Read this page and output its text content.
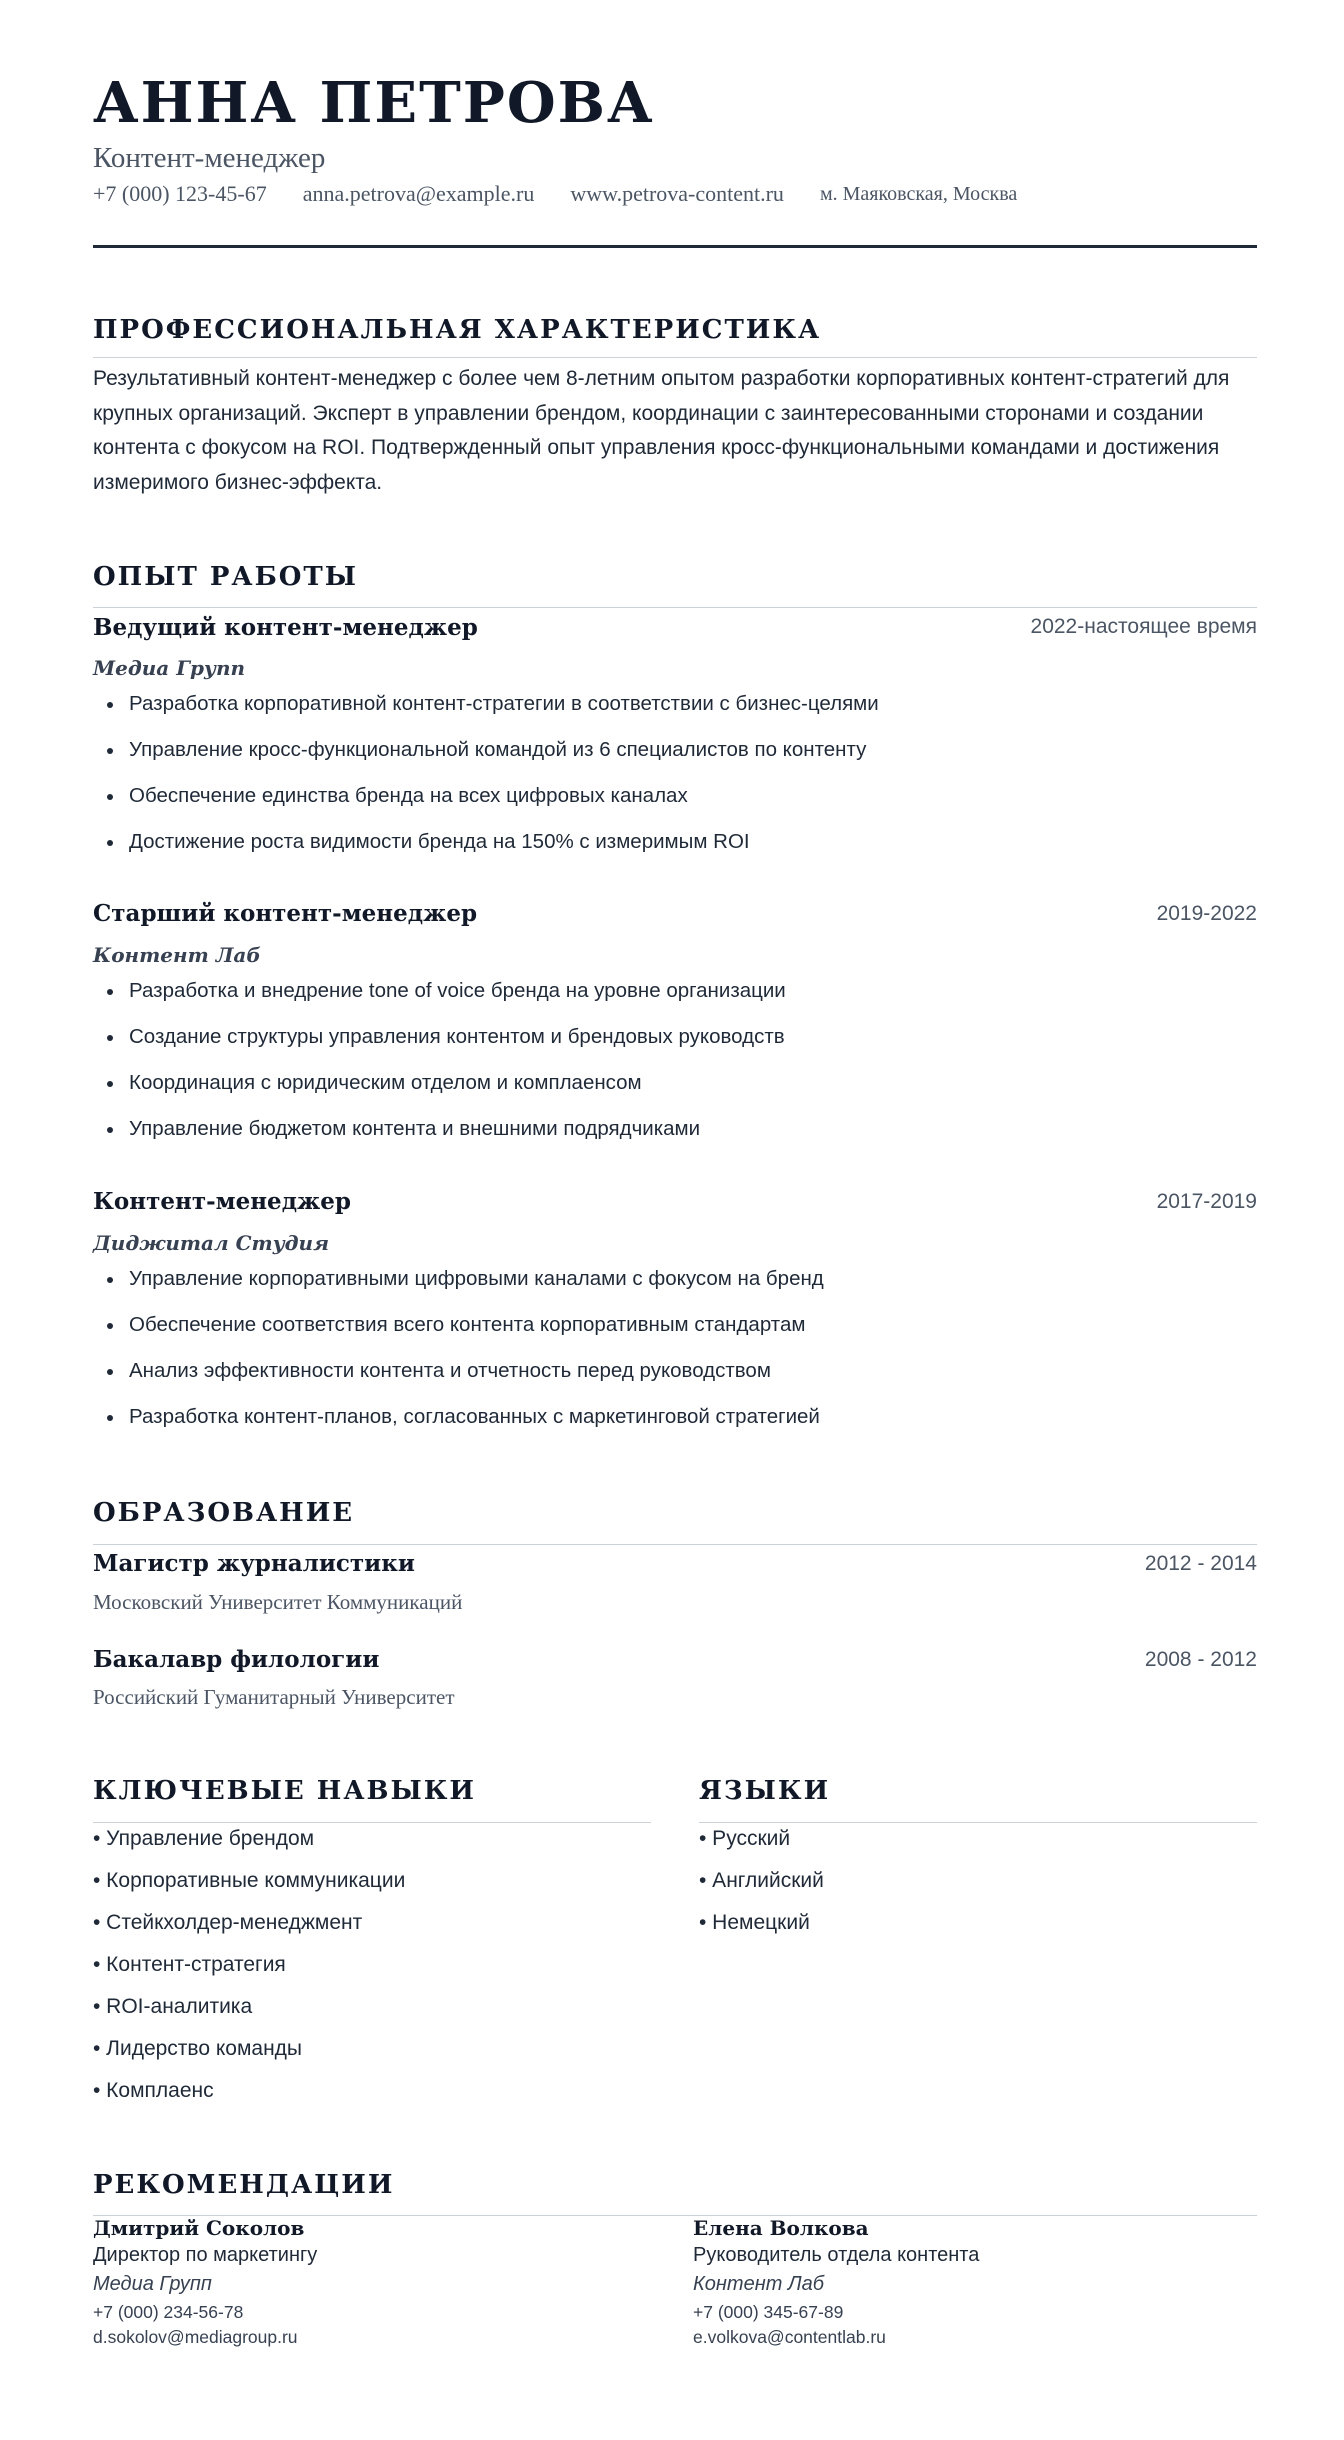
АННА ПЕТРОВА
Контент-менеджер
+7 (000) 123-45-67 anna.petrova@example.ru www.petrova-content.ru м. Маяковская, Москва
ПРОФЕССИОНАЛЬНАЯ ХАРАКТЕРИСТИКА
Результативный контент-менеджер с более чем 8-летним опытом разработки корпоративных контент-стратегий для крупных организаций. Эксперт в управлении брендом, координации с заинтересованными сторонами и создании контента с фокусом на ROI. Подтвержденный опыт управления кросс-функциональными командами и достижения измеримого бизнес-эффекта.
ОПЫТ РАБОТЫ
Ведущий контент-менеджер	2022-настоящее время
Медиа Групп
Разработка корпоративной контент-стратегии в соответствии с бизнес-целями
Управление кросс-функциональной командой из 6 специалистов по контенту
Обеспечение единства бренда на всех цифровых каналах
Достижение роста видимости бренда на 150% с измеримым ROI
Старший контент-менеджер	2019-2022
Контент Лаб
Разработка и внедрение tone of voice бренда на уровне организации
Создание структуры управления контентом и брендовых руководств
Координация с юридическим отделом и комплаенсом
Управление бюджетом контента и внешними подрядчиками
Контент-менеджер	2017-2019
Диджитал Студия
Управление корпоративными цифровыми каналами с фокусом на бренд
Обеспечение соответствия всего контента корпоративным стандартам
Анализ эффективности контента и отчетность перед руководством
Разработка контент-планов, согласованных с маркетинговой стратегией
ОБРАЗОВАНИЕ
Магистр журналистики	2012 - 2014
Московский Университет Коммуникаций
Бакалавр филологии	2008 - 2012
Российский Гуманитарный Университет
КЛЮЧЕВЫЕ НАВЫКИ
• Управление брендом
• Корпоративные коммуникации
• Стейкхолдер-менеджмент
• Контент-стратегия
• ROI-аналитика
• Лидерство команды
• Комплаенс
ЯЗЫКИ
• Русский
• Английский
• Немецкий
РЕКОМЕНДАЦИИ
Дмитрий Соколов
Директор по маркетингу
Медиа Групп
+7 (000) 234-56-78
d.sokolov@mediagroup.ru
Елена Волкова
Руководитель отдела контента
Контент Лаб
+7 (000) 345-67-89
e.volkova@contentlab.ru
